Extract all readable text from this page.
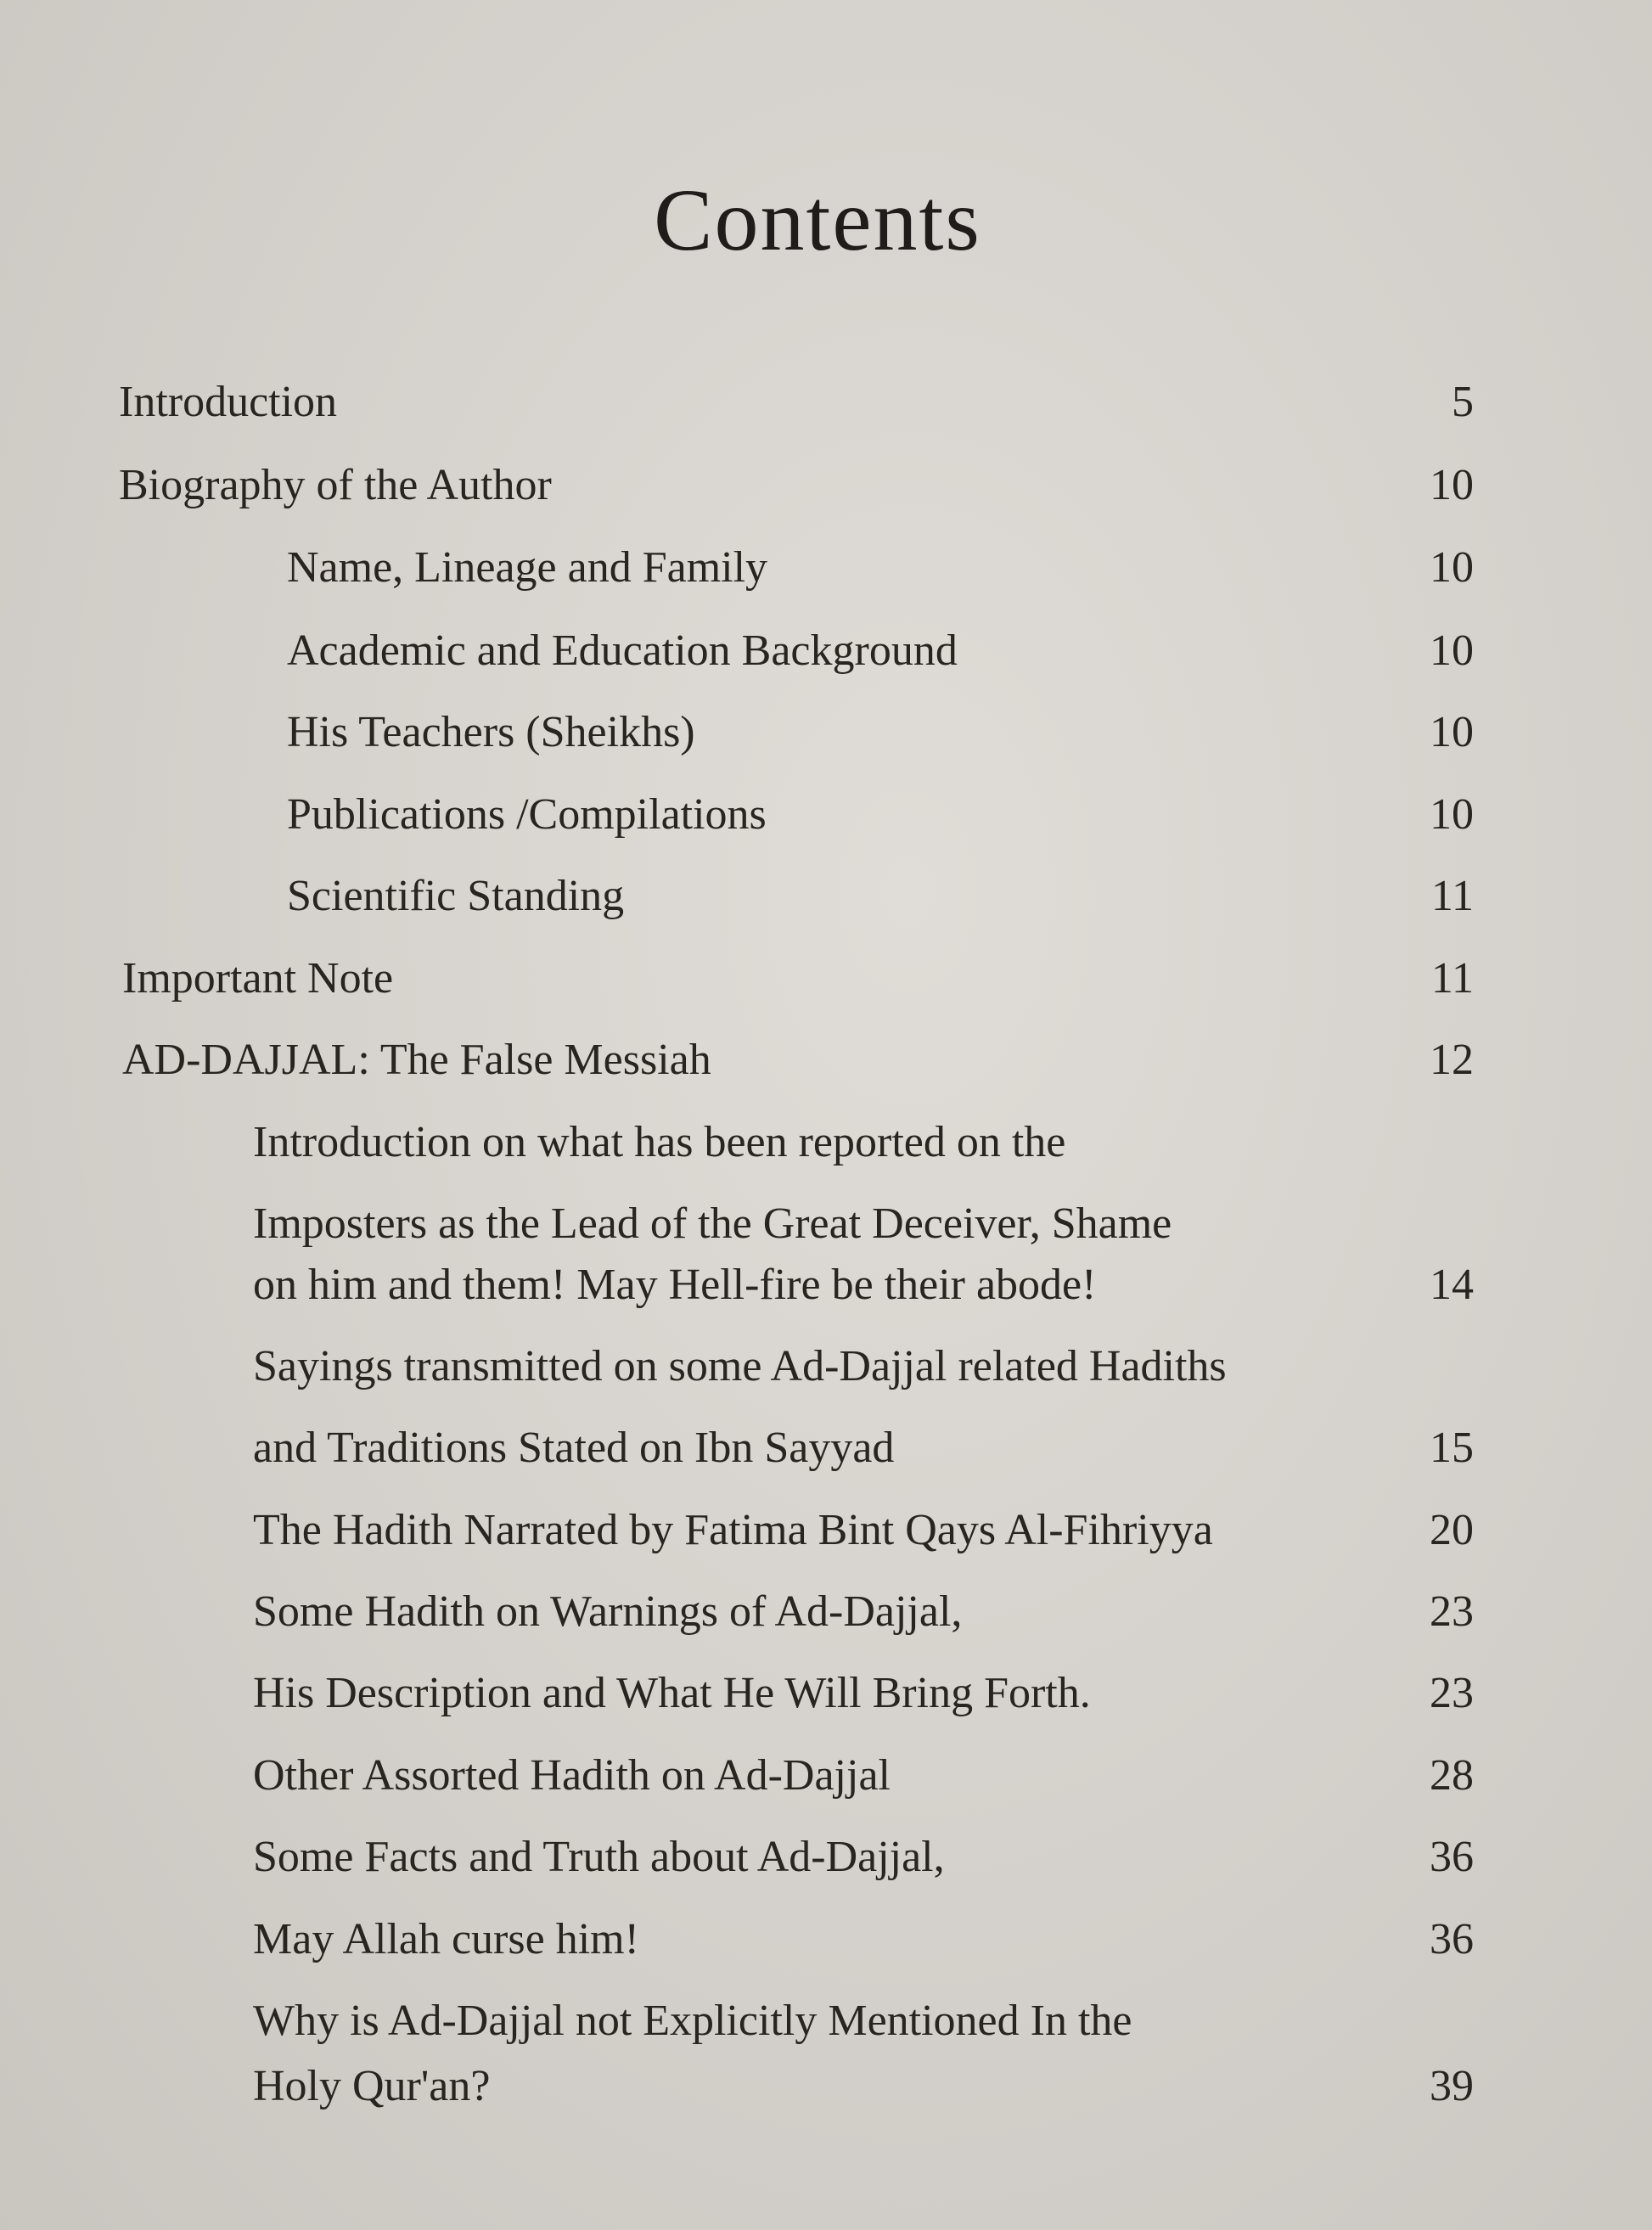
Contents
Introduction	5
Biography of the Author	10
Name, Lineage and Family	10
Academic and Education Background	10
His Teachers (Sheikhs)	10
Publications /Compilations	10
Scientific Standing	11
Important Note	11
AD-DAJJAL: The False Messiah	12
Introduction on what has been reported on the
Imposters as the Lead of the Great Deceiver, Shame
on him and them! May Hell-fire be their abode!	14
Sayings transmitted on some Ad-Dajjal related Hadiths
and Traditions Stated on Ibn Sayyad	15
The Hadith Narrated by Fatima Bint Qays Al-Fihriyya	20
Some Hadith on Warnings of Ad-Dajjal,	23
His Description and What He Will Bring Forth.	23
Other Assorted Hadith on Ad-Dajjal	28
Some Facts and Truth about Ad-Dajjal,	36
May Allah curse him!	36
Why is Ad-Dajjal not Explicitly Mentioned In the
Holy Qur'an?	39
